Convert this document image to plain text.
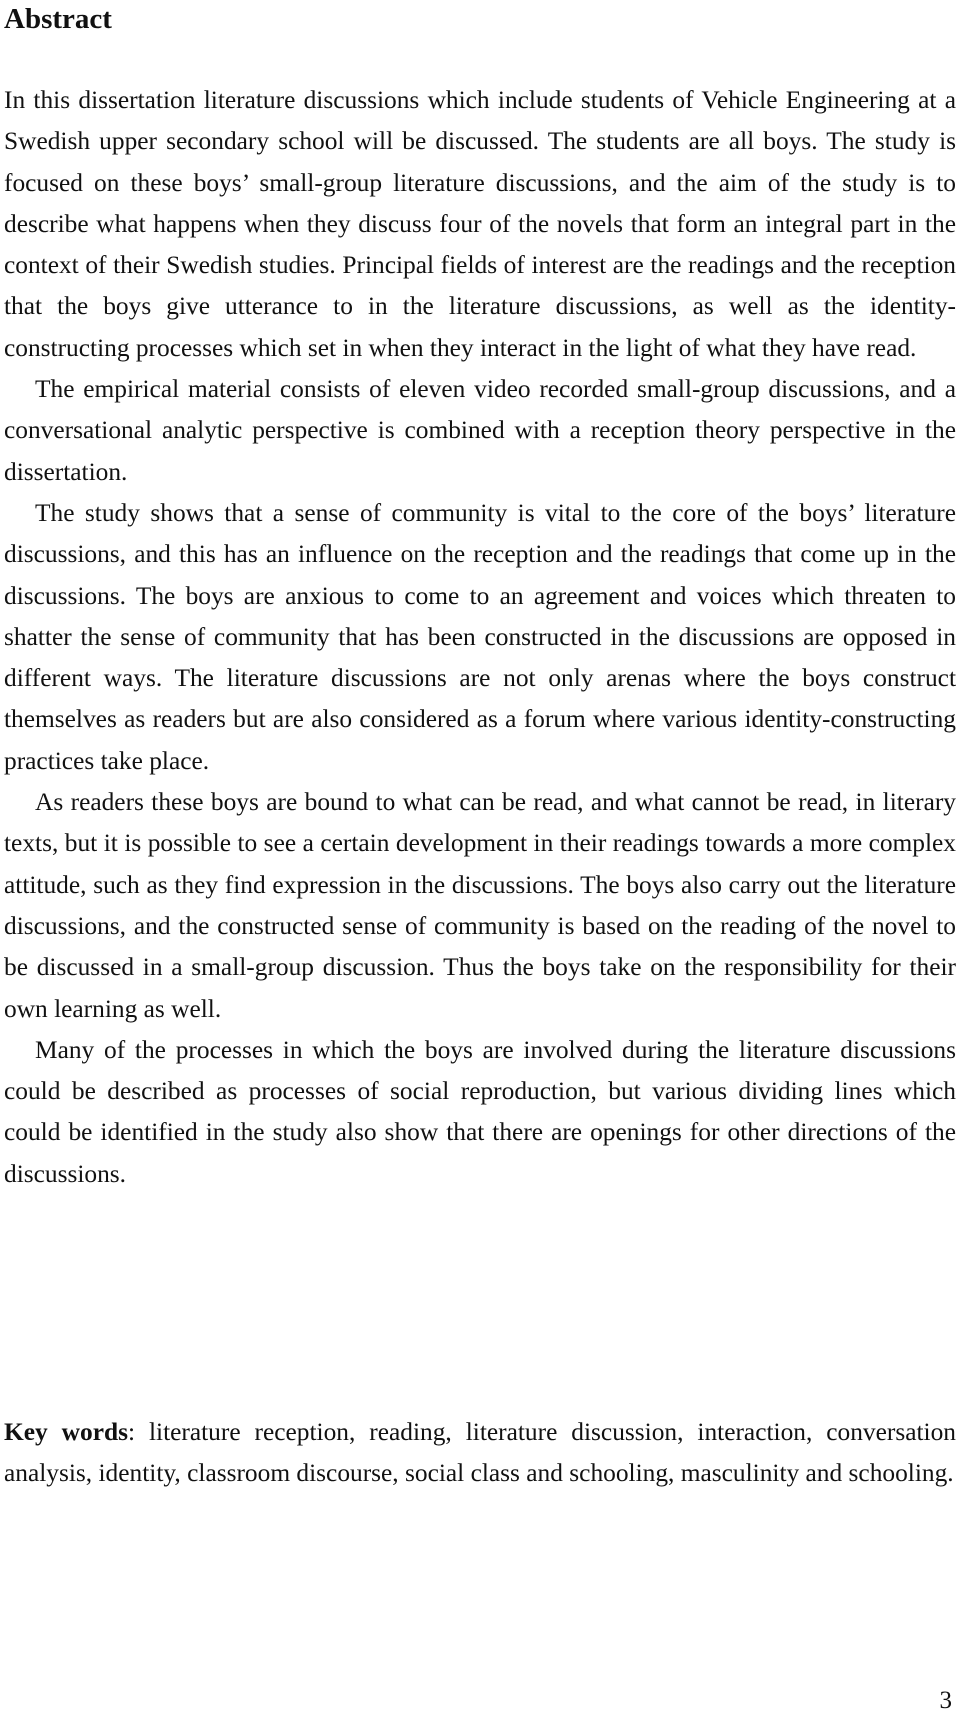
Abstract

In this dissertation literature discussions which include students of Vehicle Engineering at a Swedish upper secondary school will be discussed. The students are all boys. The study is focused on these boys’ small-group literature discussions, and the aim of the study is to describe what happens when they discuss four of the novels that form an integral part in the context of their Swedish studies. Principal fields of interest are the readings and the reception that the boys give utterance to in the literature discussions, as well as the identity-constructing processes which set in when they interact in the light of what they have read.

The empirical material consists of eleven video recorded small-group discussions, and a conversational analytic perspective is combined with a reception theory perspective in the dissertation.

The study shows that a sense of community is vital to the core of the boys’ literature discussions, and this has an influence on the reception and the readings that come up in the discussions. The boys are anxious to come to an agreement and voices which threaten to shatter the sense of community that has been constructed in the discussions are opposed in different ways. The literature discussions are not only arenas where the boys construct themselves as readers but are also considered as a forum where various identity-constructing practices take place.

As readers these boys are bound to what can be read, and what cannot be read, in literary texts, but it is possible to see a certain development in their readings towards a more complex attitude, such as they find expression in the discussions. The boys also carry out the literature discussions, and the constructed sense of community is based on the reading of the novel to be discussed in a small-group discussion. Thus the boys take on the responsibility for their own learning as well.

Many of the processes in which the boys are involved during the literature discussions could be described as processes of social reproduction, but various dividing lines which could be identified in the study also show that there are openings for other directions of the discussions.

Key words: literature reception, reading, literature discussion, interaction, conversation analysis, identity, classroom discourse, social class and schooling, masculinity and schooling.

3
